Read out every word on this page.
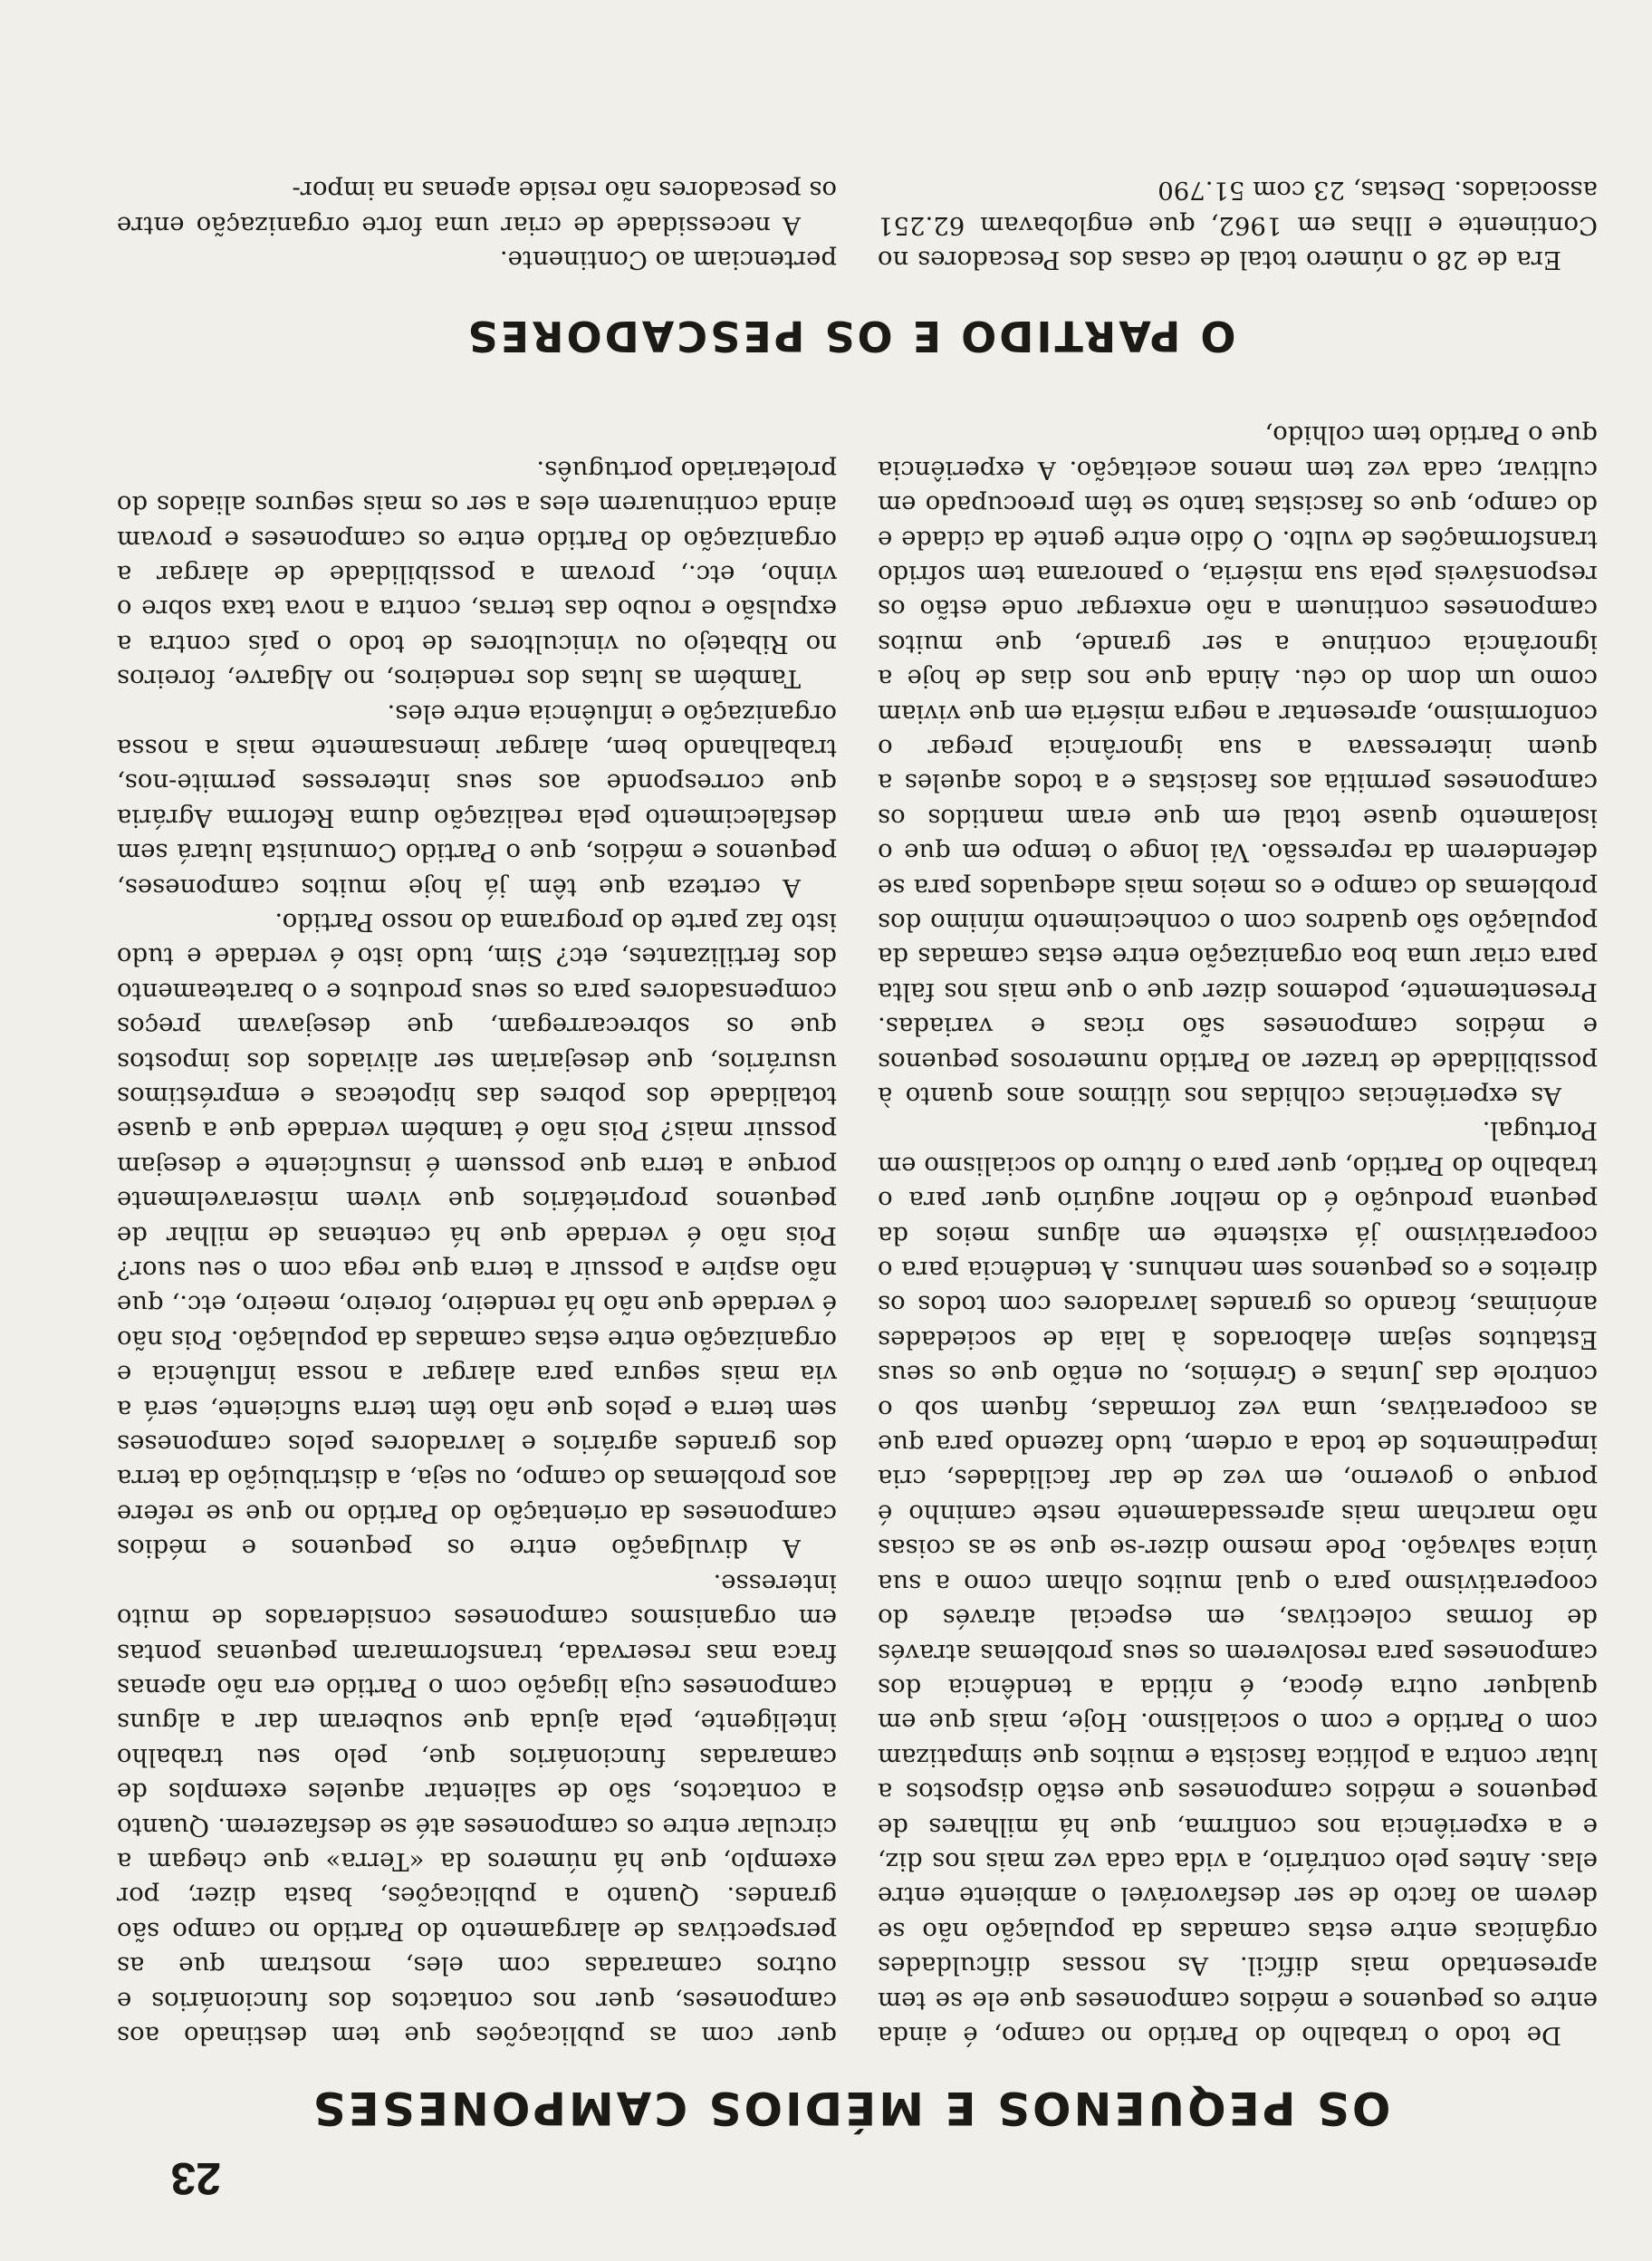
23
OS PEQUENOS E MÉDIOS CAMPONESES

De todo o trabalho do Partido no campo, é ainda entre os pequenos e médios camponeses que ele se tem apresentado mais difícil. As nossas dificuldades orgânicas entre estas camadas da população não se devem ao facto de ser desfavorável o ambiente entre elas. Antes pelo contrário, a vida cada vez mais nos diz, e a experiência nos confirma, que há milhares de pequenos e médios camponeses que estão dispostos a lutar contra a política fascista e muitos que simpatizam com o Partido e com o socialismo. Hoje, mais que em qualquer outra época, é nítida a tendência dos camponeses para resolverem os seus problemas através de formas colectivas, em especial através do cooperativismo para o qual muitos olham como a sua única salvação. Pode mesmo dizer-se que se as coisas não marcham mais apressadamente neste caminho é porque o governo, em vez de dar facilidades, cria impedimentos de toda a ordem, tudo fazendo para que as cooperativas, uma vez formadas, fiquem sob o controle das Juntas e Grémios, ou então que os seus Estatutos sejam elaborados à laia de sociedades anónimas, ficando os grandes lavradores com todos os direitos e os pequenos sem nenhuns. A tendência para o cooperativismo já existente em alguns meios da pequena produção é do melhor augúrio quer para o trabalho do Partido, quer para o futuro do socialismo em Portugal.

As experiências colhidas nos últimos anos quanto à possibilidade de trazer ao Partido numerosos pequenos e médios camponeses são ricas e variadas. Presentemente, podemos dizer que o que mais nos falta para criar uma boa organização entre estas camadas da população são quadros com o conhecimento mínimo dos problemas do campo e os meios mais adequados para se defenderem da repressão. Vai longe o tempo em que o isolamento quase total em que eram mantidos os camponeses permitia aos fascistas e a todos aqueles a quem interessava a sua ignorância pregar o conformismo, apresentar a negra miséria em que viviam como um dom do céu. Ainda que nos dias de hoje a ignorância continue a ser grande, que muitos camponeses continuem a não enxergar onde estão os responsáveis pela sua miséria, o panorama tem sofrido transformações de vulto. O ódio entre gente da cidade e do campo, que os fascistas tanto se têm preocupado em cultivar, cada vez tem menos aceitação. A experiência que o Partido tem colhido,

quer com as publicações que tem destinado aos camponeses, quer nos contactos dos funcionários e outros camaradas com eles, mostram que as perspectivas de alargamento do Partido no campo são grandes. Quanto a publicações, basta dizer, por exemplo, que há números da «Terra» que chegam a circular entre os camponeses até se desfazerem. Quanto a contactos, são de salientar aqueles exemplos de camaradas funcionários que, pelo seu trabalho inteligente, pela ajuda que souberam dar a alguns camponeses cuja ligação com o Partido era não apenas fraca mas reservada, transformaram pequenas pontas em organismos camponeses considerados de muito interesse.

A divulgação entre os pequenos e médios camponeses da orientação do Partido no que se refere aos problemas do campo, ou seja, a distribuição da terra dos grandes agrários e lavradores pelos camponeses sem terra e pelos que não têm terra suficiente, será a via mais segura para alargar a nossa influência e organização entre estas camadas da população. Pois não é verdade que não há rendeiro, foreiro, meeiro, etc., que não aspire a possuir a terra que rega com o seu suor? Pois não é verdade que há centenas de milhar de pequenos proprietários que vivem miseravelmente porque a terra que possuem é insuficiente e desejam possuir mais? Pois não é também verdade que a quase totalidade dos pobres das hipotecas e empréstimos usurários, que desejariam ser aliviados dos impostos que os sobrecarregam, que desejavam preços compensadores para os seus produtos e o barateamento dos fertilizantes, etc? Sim, tudo isto é verdade e tudo isto faz parte do programa do nosso Partido.

A certeza que têm já hoje muitos camponeses, pequenos e médios, que o Partido Comunista lutará sem desfalecimento pela realização duma Reforma Agrária que corresponde aos seus interesses permite-nos, trabalhando bem, alargar imensamente mais a nossa organização e influência entre eles.

Também as lutas dos rendeiros, no Algarve, foreiros no Ribatejo ou vinicultores de todo o país contra a expulsão e roubo das terras, contra a nova taxa sobre o vinho, etc., provam a possibilidade de alargar a organização do Partido entre os camponeses e provam ainda continuarem eles a ser os mais seguros aliados do proletariado português.

O PARTIDO E OS PESCADORES

Era de 28 o número total de casas dos Pescadores no Continente e Ilhas em 1962, que englobavam 62.251 associados. Destas, 23 com 51.790

pertenciam ao Continente.

A necessidade de criar uma forte organização entre os pescadores não reside apenas na impor-
